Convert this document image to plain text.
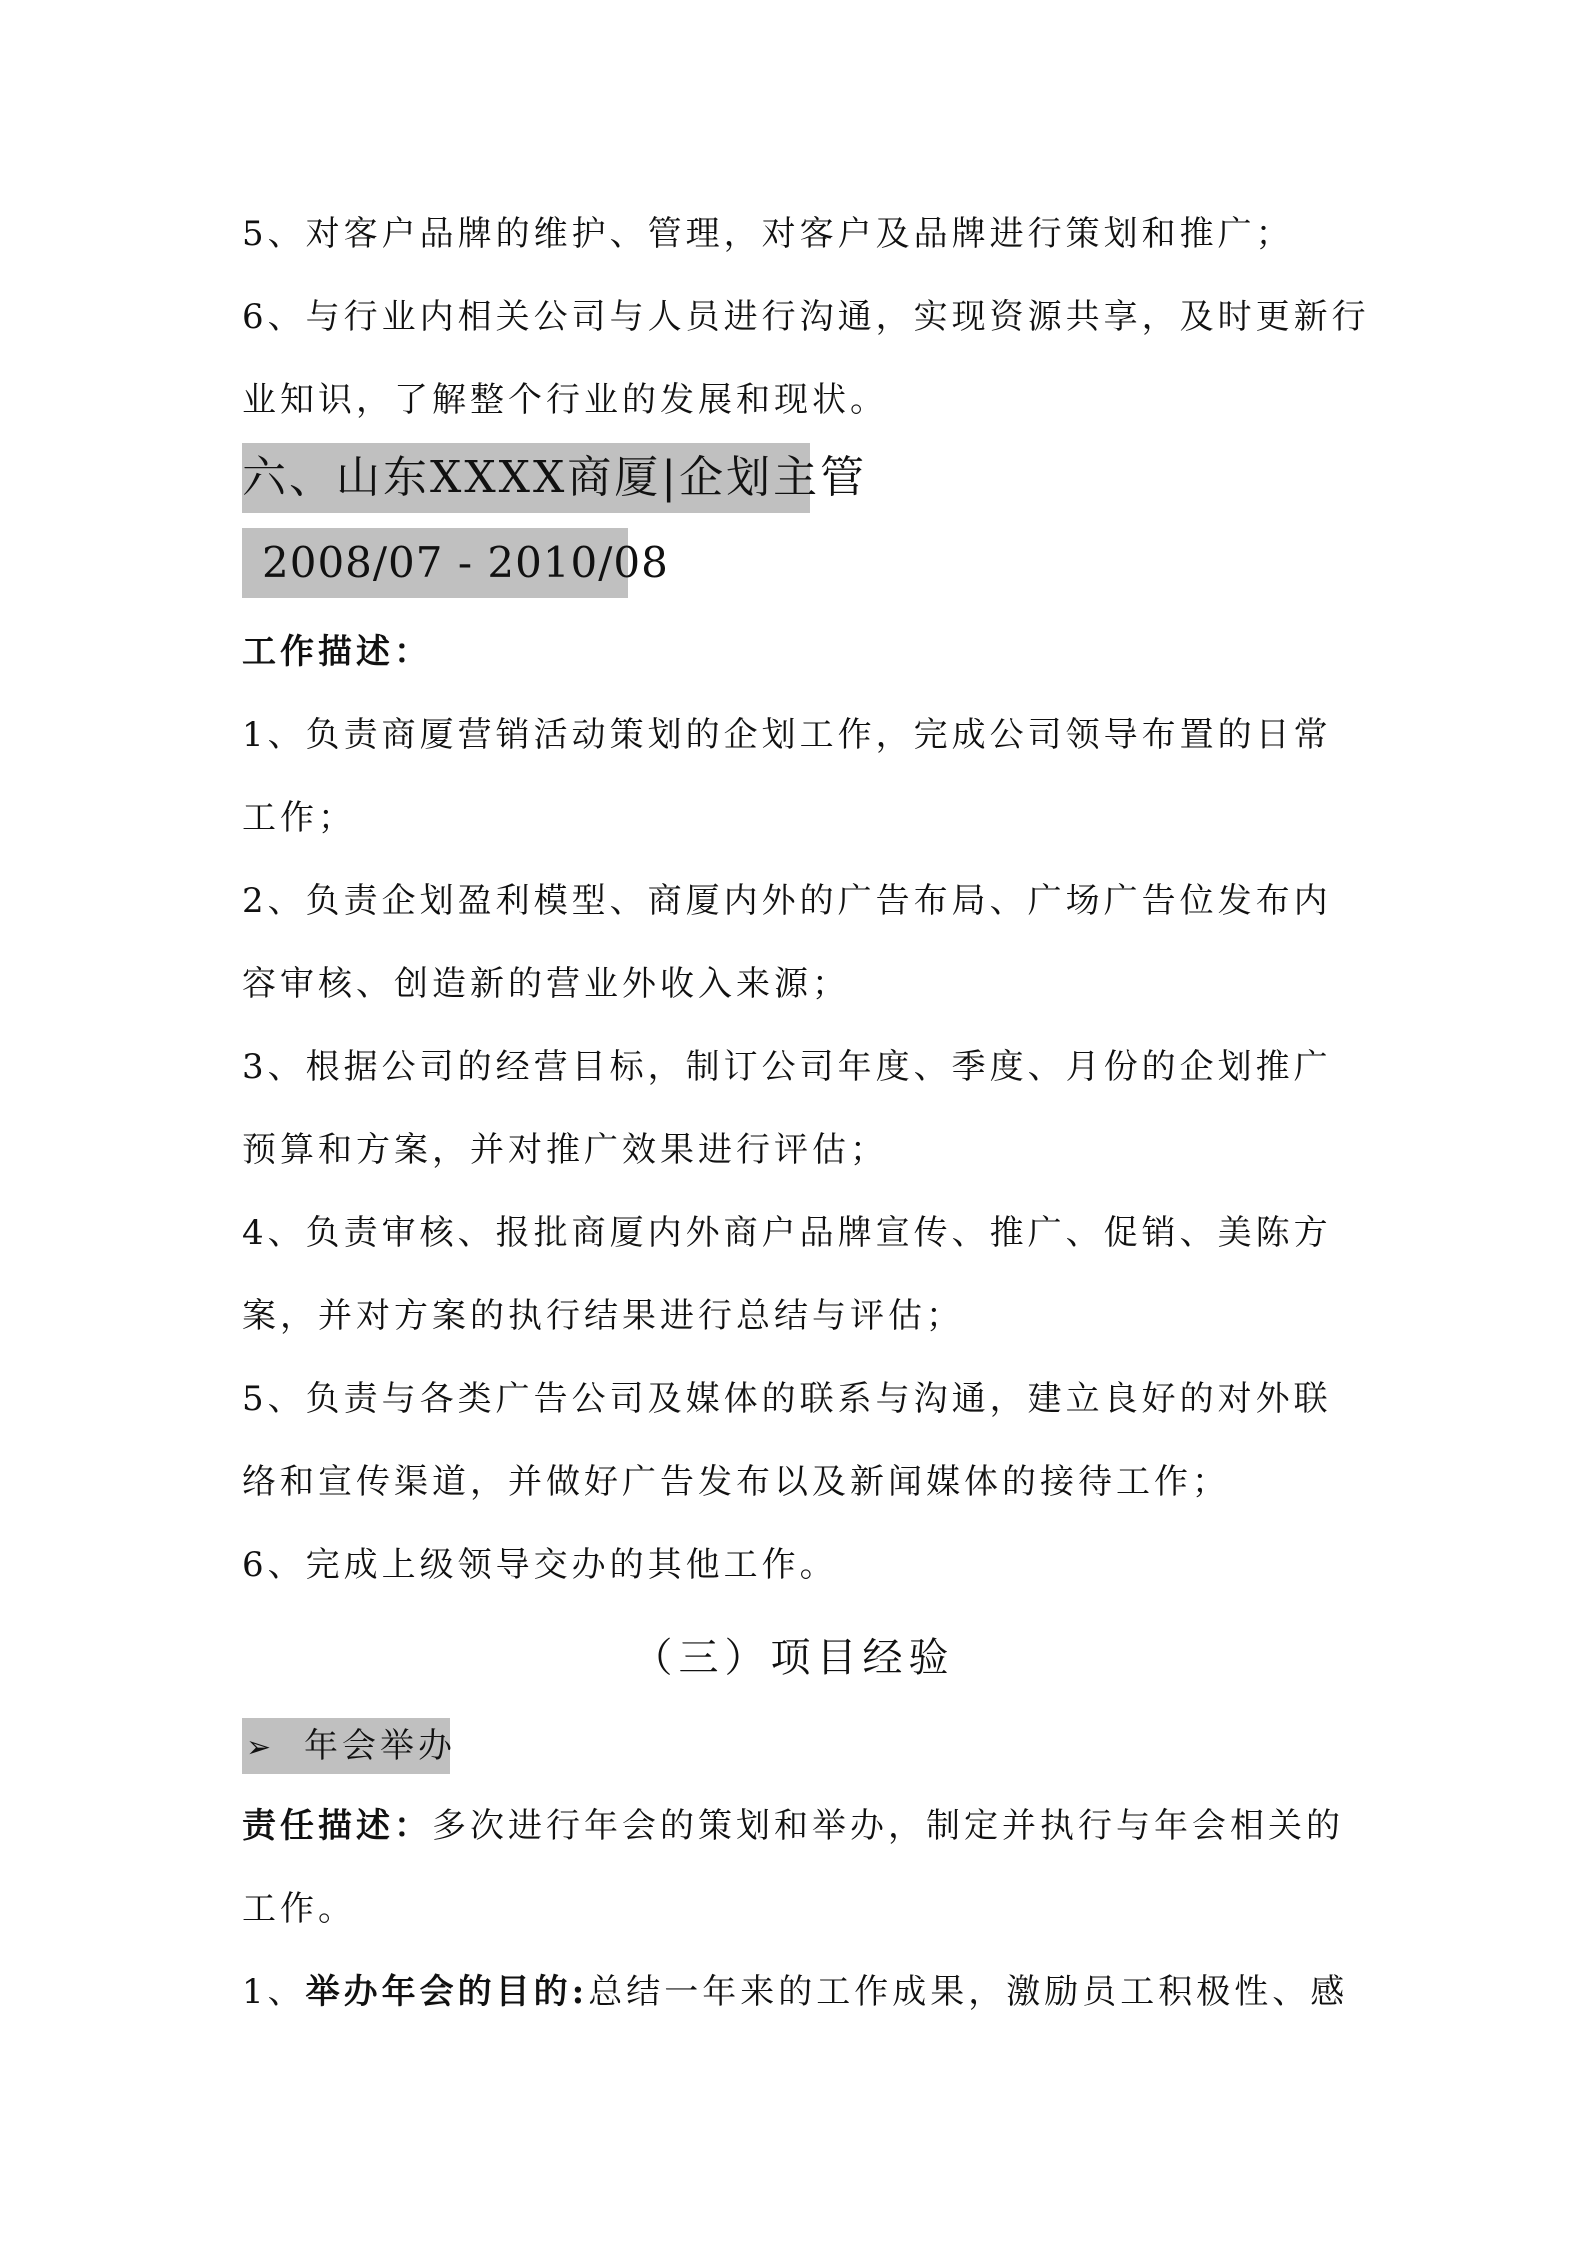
5、对客户品牌的维护、管理，对客户及品牌进行策划和推广；
6、与行业内相关公司与人员进行沟通，实现资源共享，及时更新行
业知识，了解整个行业的发展和现状。
六、山东XXXX商厦|企划主管
2008/07 - 2010/08
工作描述：
1、负责商厦营销活动策划的企划工作，完成公司领导布置的日常
工作；
2、负责企划盈利模型、商厦内外的广告布局、广场广告位发布内
容审核、创造新的营业外收入来源；
3、根据公司的经营目标，制订公司年度、季度、月份的企划推广
预算和方案，并对推广效果进行评估；
4、负责审核、报批商厦内外商户品牌宣传、推广、促销、美陈方
案，并对方案的执行结果进行总结与评估；
5、负责与各类广告公司及媒体的联系与沟通，建立良好的对外联
络和宣传渠道，并做好广告发布以及新闻媒体的接待工作；
6、完成上级领导交办的其他工作。
（三）项目经验
➢ 年会举办
责任描述：多次进行年会的策划和举办，制定并执行与年会相关的
工作。
1、举办年会的目的:总结一年来的工作成果，激励员工积极性、感
